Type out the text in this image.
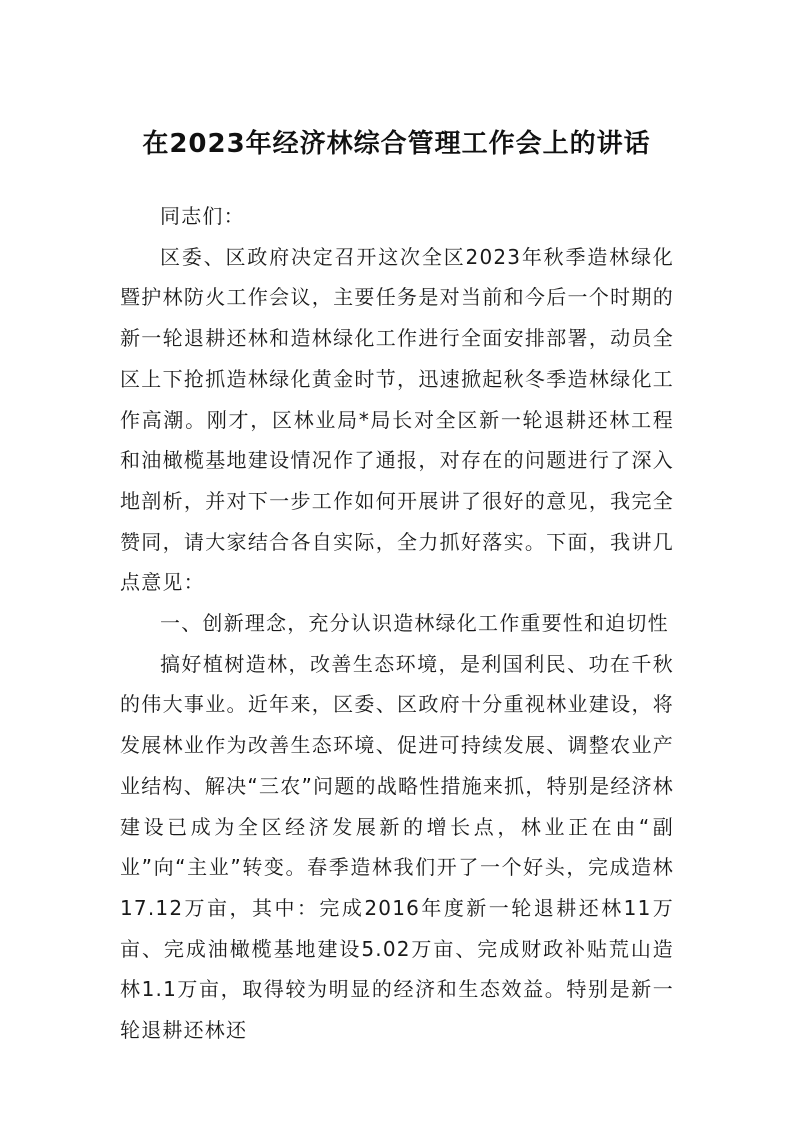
在2023年经济林综合管理工作会上的讲话

同志们：

区委、区政府决定召开这次全区2023年秋季造林绿化暨护林防火工作会议，主要任务是对当前和今后一个时期的新一轮退耕还林和造林绿化工作进行全面安排部署，动员全区上下抢抓造林绿化黄金时节，迅速掀起秋冬季造林绿化工作高潮。刚才，区林业局*局长对全区新一轮退耕还林工程和油橄榄基地建设情况作了通报，对存在的问题进行了深入地剖析，并对下一步工作如何开展讲了很好的意见，我完全赞同，请大家结合各自实际，全力抓好落实。下面，我讲几点意见：

一、创新理念，充分认识造林绿化工作重要性和迫切性

搞好植树造林，改善生态环境，是利国利民、功在千秋的伟大事业。近年来，区委、区政府十分重视林业建设，将发展林业作为改善生态环境、促进可持续发展、调整农业产业结构、解决“三农”问题的战略性措施来抓，特别是经济林建设已成为全区经济发展新的增长点，林业正在由“副业”向“主业”转变。春季造林我们开了一个好头，完成造林17.12万亩，其中：完成2016年度新一轮退耕还林11万亩、完成油橄榄基地建设5.02万亩、完成财政补贴荒山造林1.1万亩，取得较为明显的经济和生态效益。特别是新一轮退耕还林还
